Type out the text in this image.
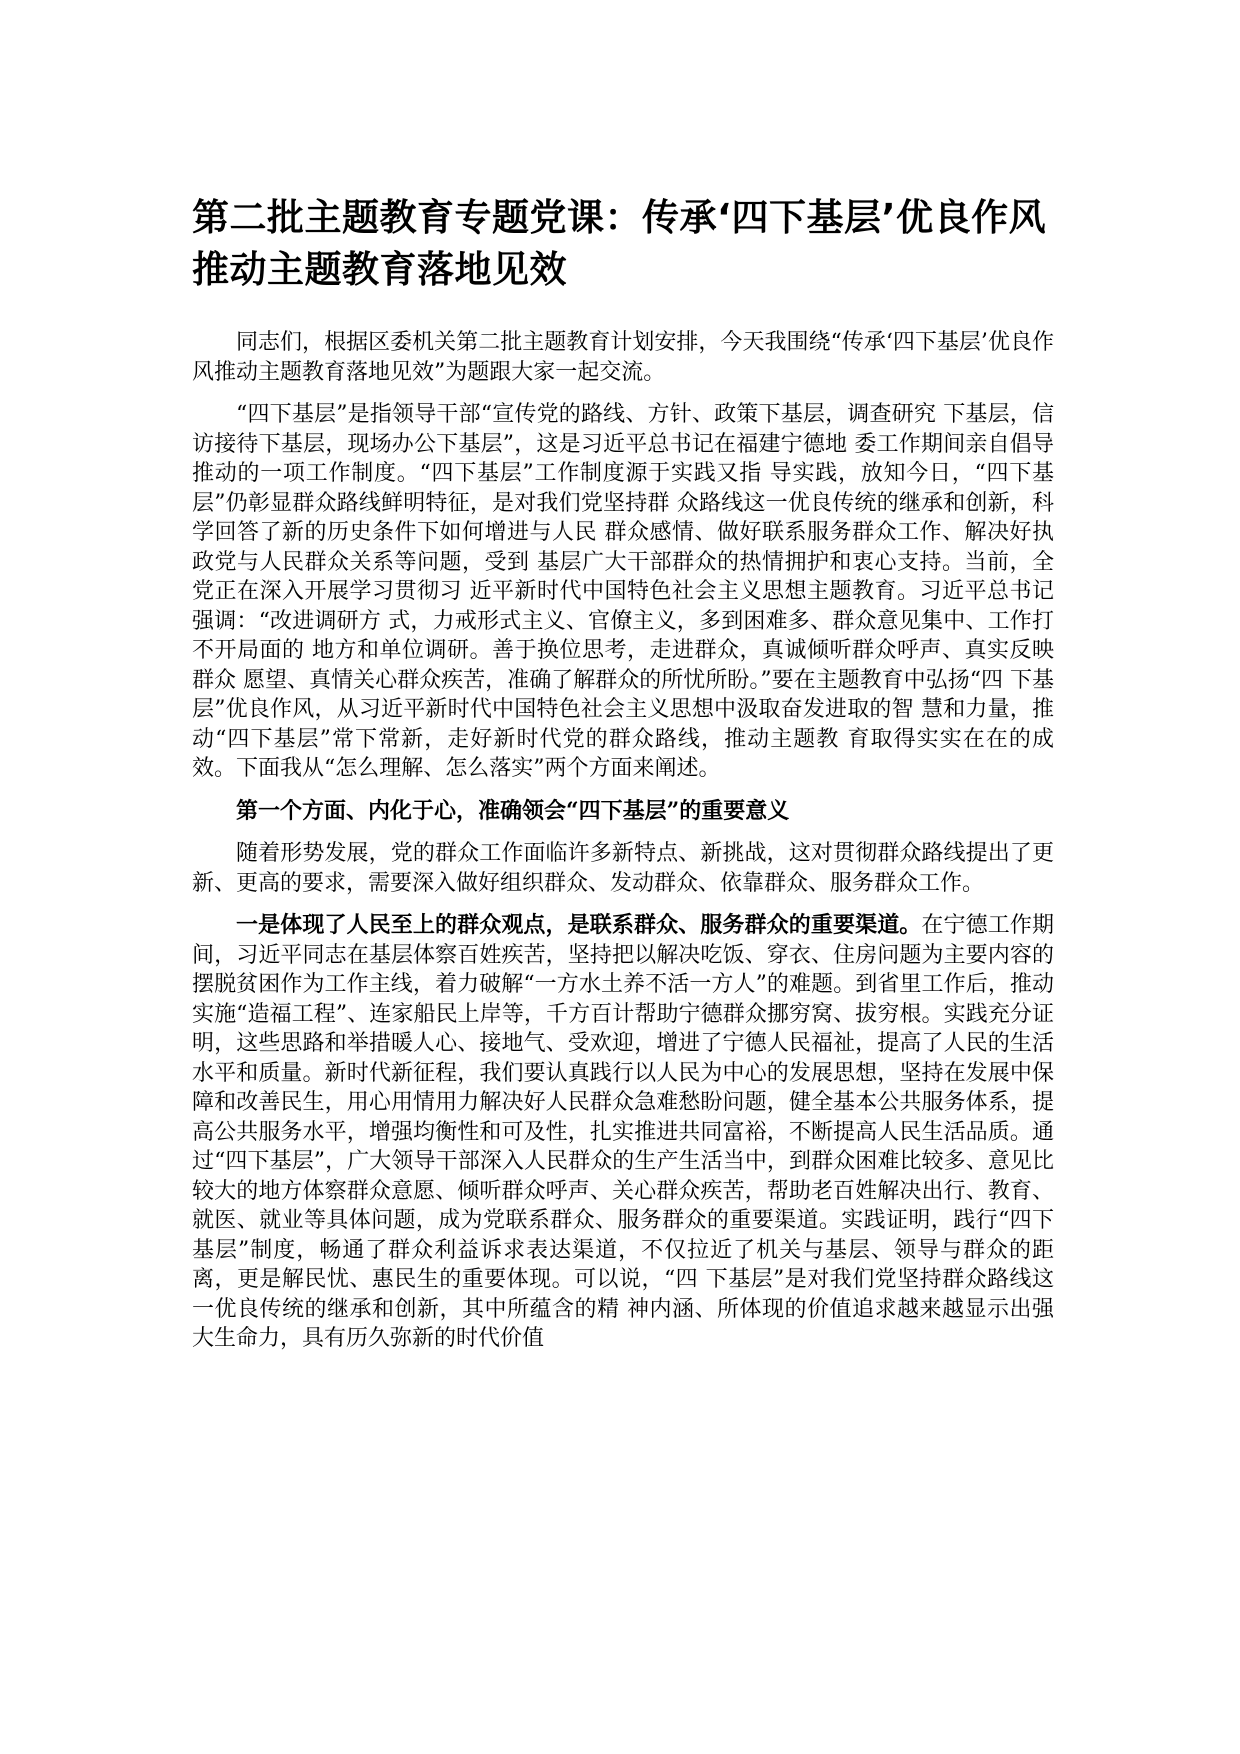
第二批主题教育专题党课：传承‘四下基层’优良作风推动主题教育落地见效

同志们，根据区委机关第二批主题教育计划安排，今天我围绕“传承‘四下基层’优良作风推动主题教育落地见效”为题跟大家一起交流。

“四下基层”是指领导干部“宣传党的路线、方针、政策下基层，调查研究 下基层，信访接待下基层，现场办公下基层”，这是习近平总书记在福建宁德地 委工作期间亲自倡导推动的一项工作制度。“四下基层”工作制度源于实践又指 导实践，放知今日，“四下基层”仍彰显群众路线鲜明特征，是对我们党坚持群 众路线这一优良传统的继承和创新，科学回答了新的历史条件下如何增进与人民 群众感情、做好联系服务群众工作、解决好执政党与人民群众关系等问题，受到 基层广大干部群众的热情拥护和衷心支持。当前，全党正在深入开展学习贯彻习 近平新时代中国特色社会主义思想主题教育。习近平总书记强调：“改进调研方 式，力戒形式主义、官僚主义，多到困难多、群众意见集中、工作打不开局面的 地方和单位调研。善于换位思考，走进群众，真诚倾听群众呼声、真实反映群众 愿望、真情关心群众疾苦，准确了解群众的所忧所盼。”要在主题教育中弘扬“四 下基层”优良作风，从习近平新时代中国特色社会主义思想中汲取奋发进取的智 慧和力量，推动“四下基层”常下常新，走好新时代党的群众路线，推动主题教 育取得实实在在的成效。下面我从“怎么理解、怎么落实”两个方面来阐述。

第一个方面、内化于心，准确领会“四下基层”的重要意义

随着形势发展，党的群众工作面临许多新特点、新挑战，这对贯彻群众路线提出了更新、更高的要求，需要深入做好组织群众、发动群众、依靠群众、服务群众工作。

一是体现了人民至上的群众观点，是联系群众、服务群众的重要渠道。在宁德工作期间，习近平同志在基层体察百姓疾苦，坚持把以解决吃饭、穿衣、住房问题为主要内容的摆脱贫困作为工作主线，着力破解“一方水土养不活一方人”的难题。到省里工作后，推动实施“造福工程”、连家船民上岸等，千方百计帮助宁德群众挪穷窝、拔穷根。实践充分证明，这些思路和举措暖人心、接地气、受欢迎，增进了宁德人民福祉，提高了人民的生活水平和质量。新时代新征程，我们要认真践行以人民为中心的发展思想，坚持在发展中保障和改善民生，用心用情用力解决好人民群众急难愁盼问题，健全基本公共服务体系，提高公共服务水平，增强均衡性和可及性，扎实推进共同富裕，不断提高人民生活品质。通过“四下基层”，广大领导干部深入人民群众的生产生活当中，到群众困难比较多、意见比较大的地方体察群众意愿、倾听群众呼声、关心群众疾苦，帮助老百姓解决出行、教育、就医、就业等具体问题，成为党联系群众、服务群众的重要渠道。实践证明，践行“四下基层”制度，畅通了群众利益诉求表达渠道，不仅拉近了机关与基层、领导与群众的距离，更是解民忧、惠民生的重要体现。可以说，“四 下基层”是对我们党坚持群众路线这一优良传统的继承和创新，其中所蕴含的精 神内涵、所体现的价值追求越来越显示出强大生命力，具有历久弥新的时代价值
